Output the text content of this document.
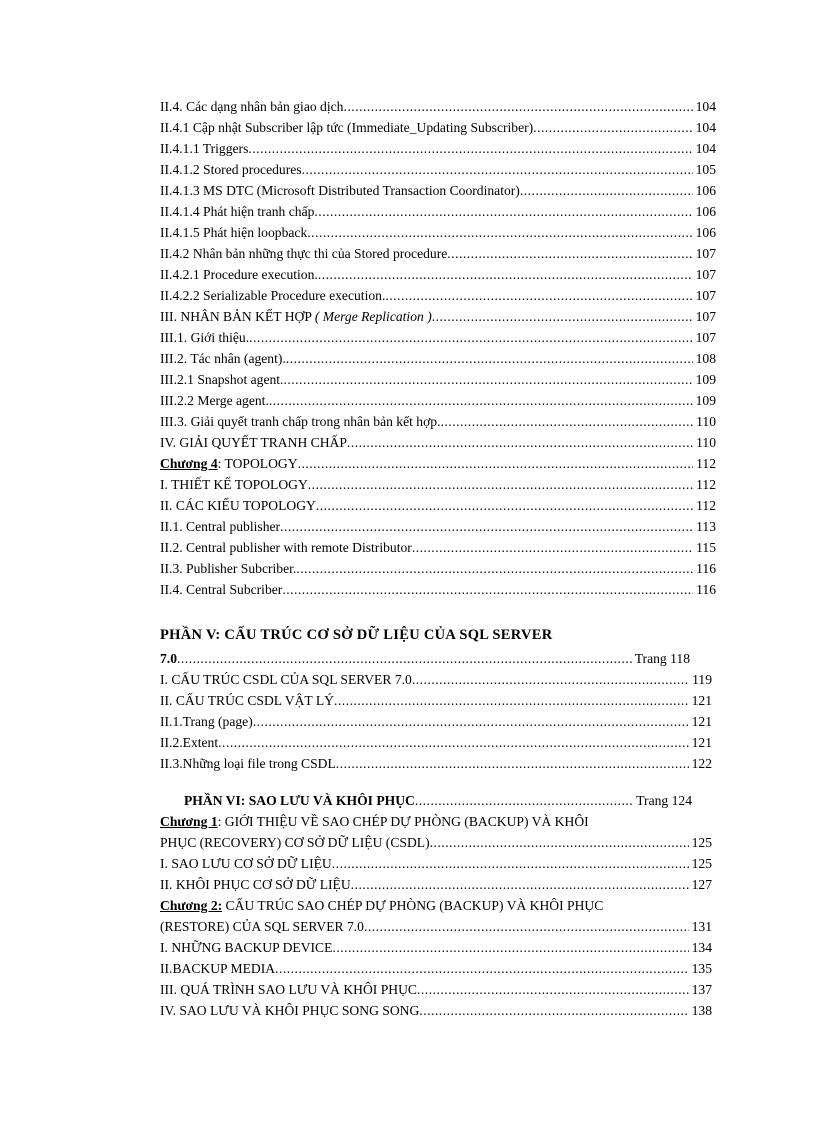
II.4. Các dạng nhân bản giao dịch .....	104
II.4.1 Cập nhật Subscriber lập tức (Immediate_Updating Subscriber) .....	104
II.4.1.1 Triggers .....	104
II.4.1.2 Stored procedures .....	105
II.4.1.3 MS DTC (Microsoft Distributed Transaction Coordinator) .....	106
II.4.1.4 Phát hiện tranh chấp .....	106
II.4.1.5 Phát hiện loopback .....	106
II.4.2 Nhân bản những thực thi của Stored procedure .....	107
II.4.2.1 Procedure execution. .....	107
II.4.2.2 Serializable Procedure execution. .....	107
III. NHÂN BẢN KẾT HỢP ( Merge Replication ) .....	107
III.1. Giới thiệu. .....	107
III.2. Tác nhân (agent). .....	108
III.2.1 Snapshot agent. .....	109
III.2.2 Merge agent. .....	109
III.3. Giải quyết tranh chấp trong nhân bản kết hợp. .....	110
IV. GIẢI QUYẾT TRANH CHẤP .....	110
Chương 4: TOPOLOGY .....	112
I. THIẾT KẾ TOPOLOGY .....	112
II. CÁC KIỂU TOPOLOGY .....	112
II.1. Central publisher .....	113
II.2. Central publisher with remote Distributor .....	115
II.3. Publisher Subcriber. .....	116
II.4. Central Subcriber .....	116
PHẦN V: CẤU TRÚC CƠ SỞ DỮ LIỆU CỦA SQL SERVER
7.0 .....	Trang 118
I. CẤU TRÚC CSDL CỦA SQL SERVER 7.0 .....	119
II. CẤU TRÚC CSDL VẬT LÝ .....	121
II.1.Trang (page) .....	121
II.2.Extent .....	121
II.3.Những loại file trong CSDL .....	122
PHẦN VI: SAO LƯU VÀ KHÔI PHỤC .....	Trang 124
Chương 1: GIỚI THIỆU VỀ SAO CHÉP DỰ PHÒNG (BACKUP) VÀ KHÔI
PHỤC (RECOVERY) CƠ SỞ DỮ LIỆU (CSDL) .....	125
I. SAO LƯU CƠ SỞ DỮ LIỆU .....	125
II. KHÔI PHỤC CƠ SỞ DỮ LIỆU .....	127
Chương 2: CẤU TRÚC SAO CHÉP DỰ PHÒNG (BACKUP) VÀ KHÔI PHỤC
(RESTORE) CỦA SQL SERVER 7.0 .....	131
I. NHỮNG BACKUP DEVICE .....	134
II.BACKUP MEDIA .....	135
III. QUÁ TRÌNH SAO LƯU VÀ KHÔI PHỤC .....	137
IV. SAO LƯU VÀ KHÔI PHỤC SONG SONG .....	138
